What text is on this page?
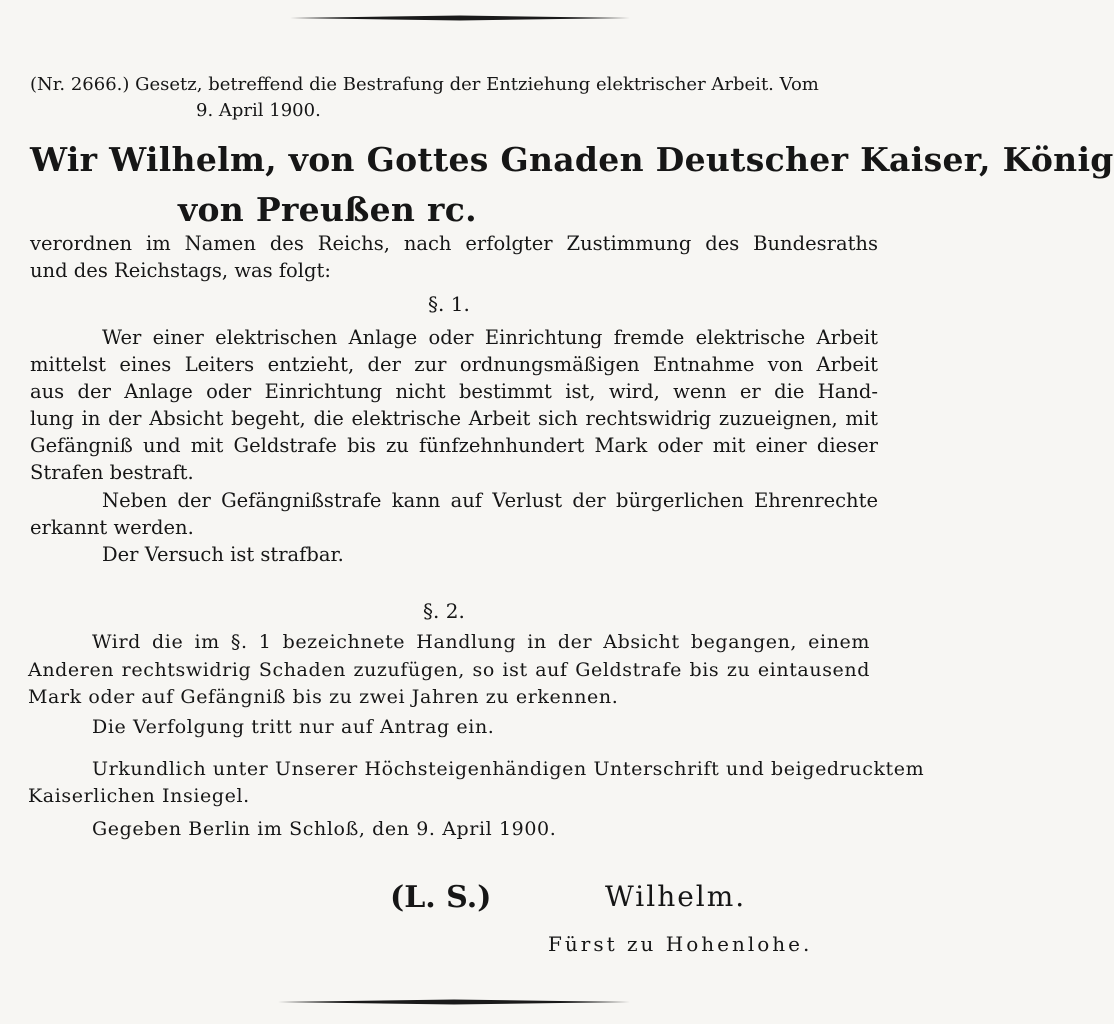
(Nr. 2666.) Gesetz, betreffend die Bestrafung der Entziehung elektrischer Arbeit. Vom
9. April 1900.
Wir Wilhelm, von Gottes Gnaden Deutscher Kaiser, König
von Preußen rc.
verordnen im Namen des Reichs, nach erfolgter Zustimmung des Bundesraths
und des Reichstags, was folgt:
§. 1.
Wer einer elektrischen Anlage oder Einrichtung fremde elektrische Arbeit
mittelst eines Leiters entzieht, der zur ordnungsmäßigen Entnahme von Arbeit
aus der Anlage oder Einrichtung nicht bestimmt ist, wird, wenn er die Hand-
lung in der Absicht begeht, die elektrische Arbeit sich rechtswidrig zuzueignen, mit
Gefängniß und mit Geldstrafe bis zu fünfzehnhundert Mark oder mit einer dieser
Strafen bestraft.
Neben der Gefängnißstrafe kann auf Verlust der bürgerlichen Ehrenrechte
erkannt werden.
Der Versuch ist strafbar.
§. 2.
Wird die im §. 1 bezeichnete Handlung in der Absicht begangen, einem
Anderen rechtswidrig Schaden zuzufügen, so ist auf Geldstrafe bis zu eintausend
Mark oder auf Gefängniß bis zu zwei Jahren zu erkennen.
Die Verfolgung tritt nur auf Antrag ein.
Urkundlich unter Unserer Höchsteigenhändigen Unterschrift und beigedrucktem
Kaiserlichen Insiegel.
Gegeben Berlin im Schloß, den 9. April 1900.
(L. S.)	Wilhelm.
Fürst zu Hohenlohe.
